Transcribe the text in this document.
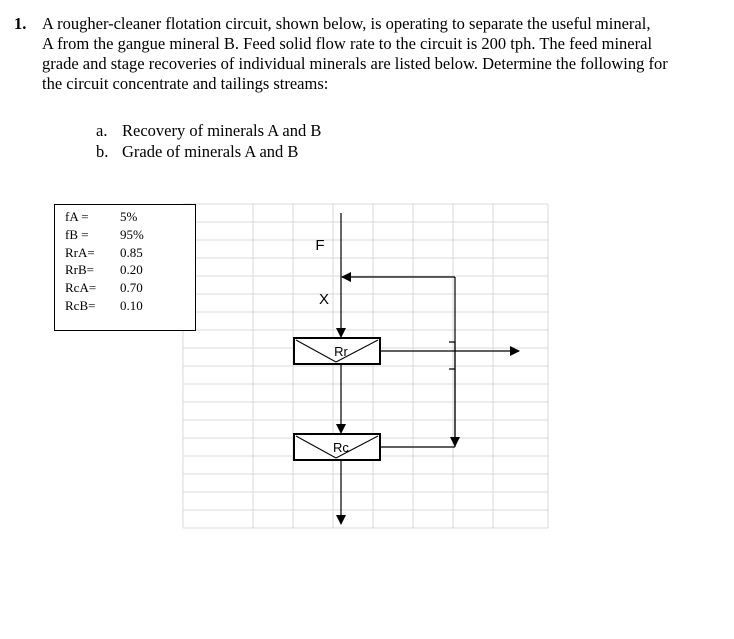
1. A rougher-cleaner flotation circuit, shown below, is operating to separate the useful mineral,
A from the gangue mineral B. Feed solid flow rate to the circuit is 200 tph. The feed mineral
grade and stage recoveries of individual minerals are listed below. Determine the following for
the circuit concentrate and tailings streams:
a. Recovery of minerals A and B
b. Grade of minerals A and B
F
X
Rr
Rc
fA = 5%
fB = 95%
RrA= 0.85
RrB= 0.20
RcA= 0.70
RcB= 0.10
